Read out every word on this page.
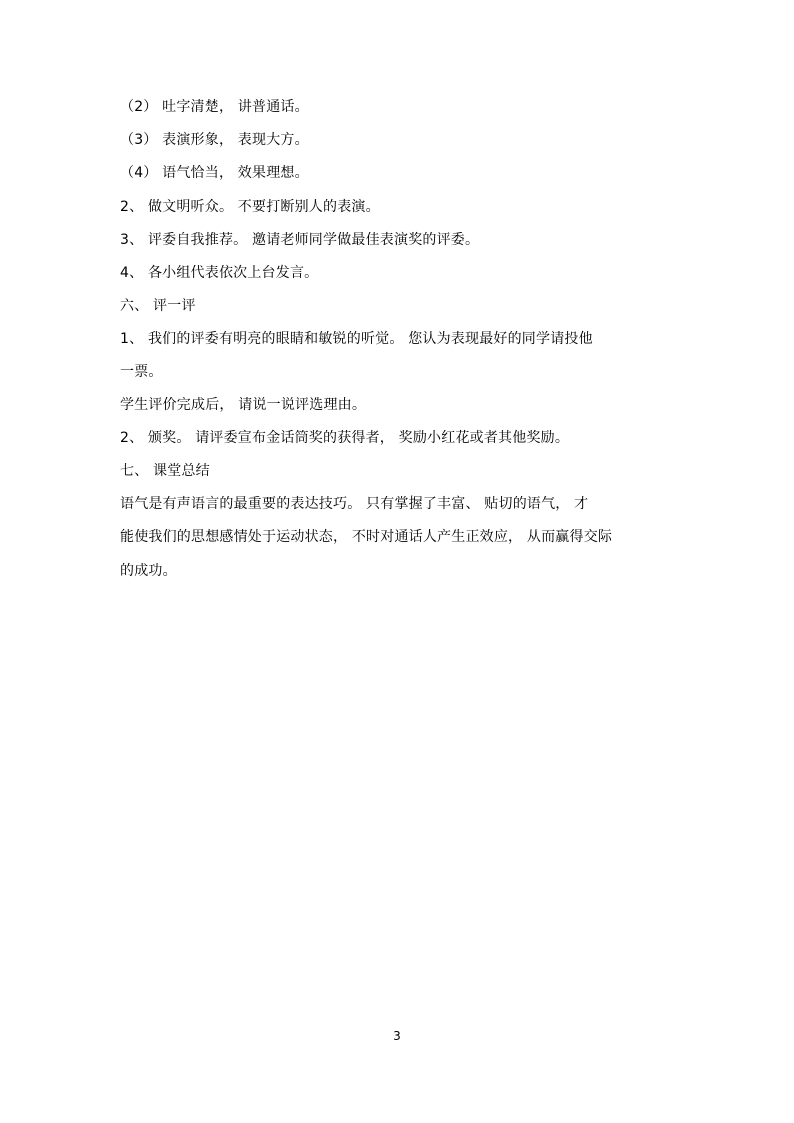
（2） 吐字清楚， 讲普通话。
（3） 表演形象， 表现大方。
（4） 语气恰当， 效果理想。
2、 做文明听众。 不要打断别人的表演。
3、 评委自我推荐。 邀请老师同学做最佳表演奖的评委。
4、 各小组代表依次上台发言。
六、 评一评
1、 我们的评委有明亮的眼睛和敏锐的听觉。 您认为表现最好的同学请投他
一票。
学生评价完成后， 请说一说评选理由。
2、 颁奖。 请评委宣布金话筒奖的获得者， 奖励小红花或者其他奖励。
七、 课堂总结
语气是有声语言的最重要的表达技巧。 只有掌握了丰富、 贴切的语气， 才
能使我们的思想感情处于运动状态， 不时对通话人产生正效应， 从而赢得交际
的成功。
3
